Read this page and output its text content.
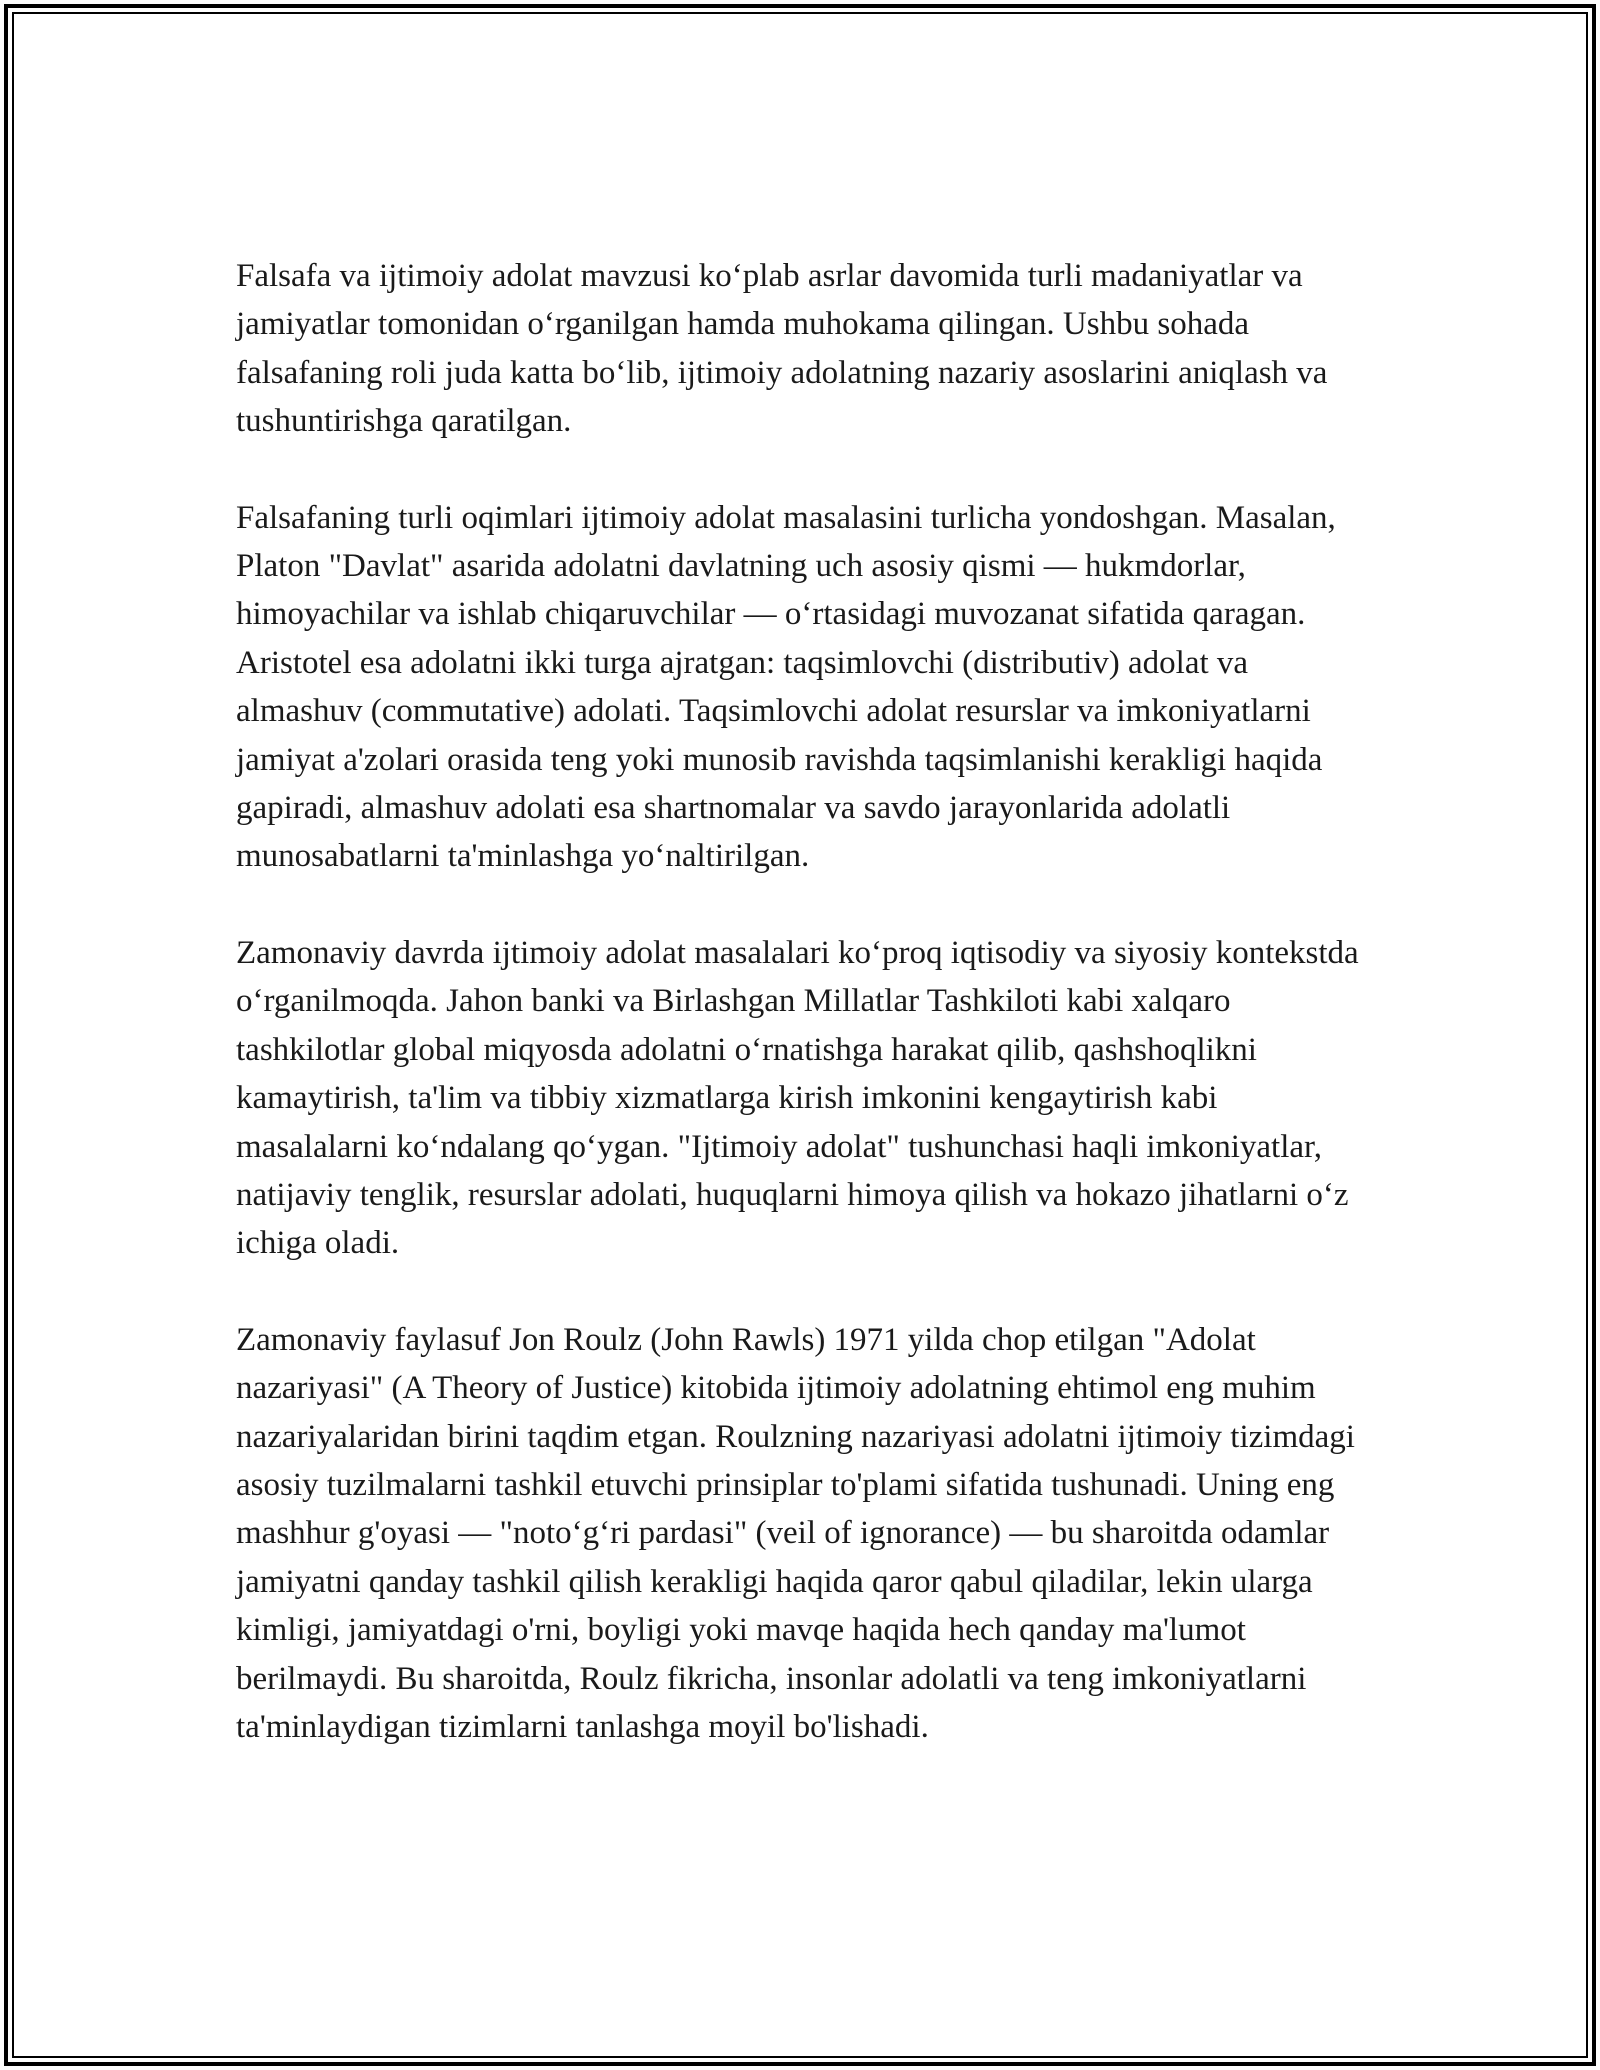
Falsafa va ijtimoiy adolat mavzusi ko‘plab asrlar davomida turli madaniyatlar va jamiyatlar tomonidan o‘rganilgan hamda muhokama qilingan. Ushbu sohada falsafaning roli juda katta bo‘lib, ijtimoiy adolatning nazariy asoslarini aniqlash va tushuntirishga qaratilgan.

Falsafaning turli oqimlari ijtimoiy adolat masalasini turlicha yondoshgan. Masalan, Platon "Davlat" asarida adolatni davlatning uch asosiy qismi — hukmdorlar, himoyachilar va ishlab chiqaruvchilar — o‘rtasidagi muvozanat sifatida qaragan. Aristotel esa adolatni ikki turga ajratgan: taqsimlovchi (distributiv) adolat va almashuv (commutative) adolati. Taqsimlovchi adolat resurslar va imkoniyatlarni jamiyat a'zolari orasida teng yoki munosib ravishda taqsimlanishi kerakligi haqida gapiradi, almashuv adolati esa shartnomalar va savdo jarayonlarida adolatli munosabatlarni ta'minlashga yo‘naltirilgan.

Zamonaviy davrda ijtimoiy adolat masalalari ko‘proq iqtisodiy va siyosiy kontekstda o‘rganilmoqda. Jahon banki va Birlashgan Millatlar Tashkiloti kabi xalqaro tashkilotlar global miqyosda adolatni o‘rnatishga harakat qilib, qashshoqlikni kamaytirish, ta'lim va tibbiy xizmatlarga kirish imkonini kengaytirish kabi masalalarni ko‘ndalang qo‘ygan. "Ijtimoiy adolat" tushunchasi haqli imkoniyatlar, natijaviy tenglik, resurslar adolati, huquqlarni himoya qilish va hokazo jihatlarni o‘z ichiga oladi.

Zamonaviy faylasuf Jon Roulz (John Rawls) 1971 yilda chop etilgan "Adolat nazariyasi" (A Theory of Justice) kitobida ijtimoiy adolatning ehtimol eng muhim nazariyalaridan birini taqdim etgan. Roulzning nazariyasi adolatni ijtimoiy tizimdagi asosiy tuzilmalarni tashkil etuvchi prinsiplar to'plami sifatida tushunadi. Uning eng mashhur g'oyasi — "noto‘g‘ri pardasi" (veil of ignorance) — bu sharoitda odamlar jamiyatni qanday tashkil qilish kerakligi haqida qaror qabul qiladilar, lekin ularga kimligi, jamiyatdagi o'rni, boyligi yoki mavqe haqida hech qanday ma'lumot berilmaydi. Bu sharoitda, Roulz fikricha, insonlar adolatli va teng imkoniyatlarni ta'minlaydigan tizimlarni tanlashga moyil bo'lishadi.
